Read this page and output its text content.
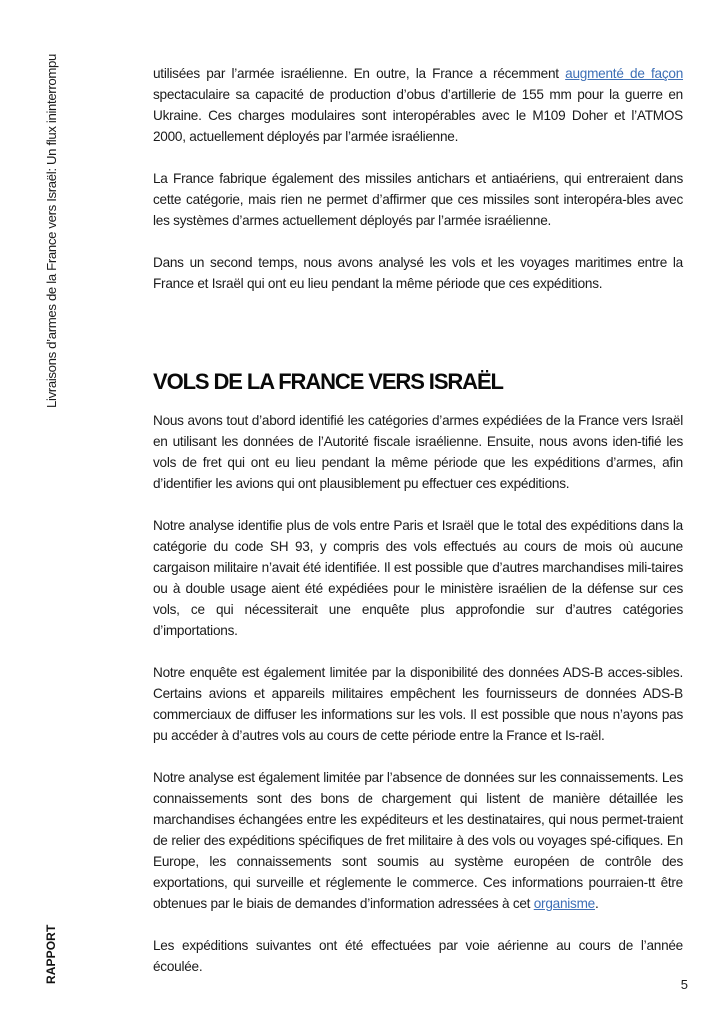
Livraisons d’armes de la France vers Israël: Un flux ininterrompu
RAPPORT

utilisées par l’armée israélienne. En outre, la France a récemment augmenté de façon spectaculaire sa capacité de production d’obus d’artillerie de 155 mm pour la guerre en Ukraine. Ces charges modulaires sont interopérables avec le M109 Doher et l’ATMOS 2000, actuellement déployés par l’armée israélienne.

La France fabrique également des missiles antichars et antiaériens, qui entreraient dans cette catégorie, mais rien ne permet d’affirmer que ces missiles sont interopéra-bles avec les systèmes d’armes actuellement déployés par l’armée israélienne.

Dans un second temps, nous avons analysé les vols et les voyages maritimes entre la France et Israël qui ont eu lieu pendant la même période que ces expéditions.

VOLS DE LA FRANCE VERS ISRAËL

Nous avons tout d’abord identifié les catégories d’armes expédiées de la France vers Israël en utilisant les données de l’Autorité fiscale israélienne. Ensuite, nous avons iden-tifié les vols de fret qui ont eu lieu pendant la même période que les expéditions d’armes, afin d’identifier les avions qui ont plausiblement pu effectuer ces expéditions.

Notre analyse identifie plus de vols entre Paris et Israël que le total des expéditions dans la catégorie du code SH 93, y compris des vols effectués au cours de mois où aucune cargaison militaire n’avait été identifiée. Il est possible que d’autres marchandises mili-taires ou à double usage aient été expédiées pour le ministère israélien de la défense sur ces vols, ce qui nécessiterait une enquête plus approfondie sur d’autres catégories d’importations.

Notre enquête est également limitée par la disponibilité des données ADS-B acces-sibles. Certains avions et appareils militaires empêchent les fournisseurs de données ADS-B commerciaux de diffuser les informations sur les vols. Il est possible que nous n’ayons pas pu accéder à d’autres vols au cours de cette période entre la France et Is-raël.

Notre analyse est également limitée par l’absence de données sur les connaissements. Les connaissements sont des bons de chargement qui listent de manière détaillée les marchandises échangées entre les expéditeurs et les destinataires, qui nous permet-traient de relier des expéditions spécifiques de fret militaire à des vols ou voyages spé-cifiques. En Europe, les connaissements sont soumis au système européen de contrôle des exportations, qui surveille et réglemente le commerce. Ces informations pourraien-tt être obtenues par le biais de demandes d’information adressées à cet organisme.

Les expéditions suivantes ont été effectuées par voie aérienne au cours de l’année écoulée.

5
